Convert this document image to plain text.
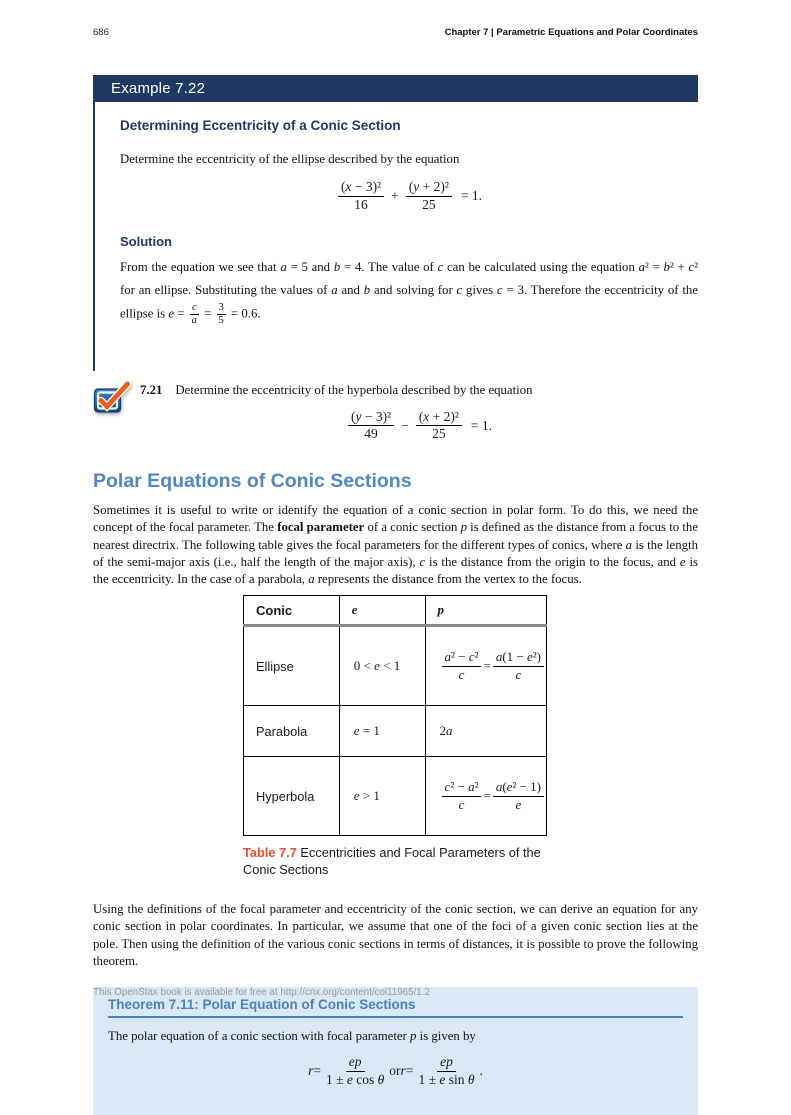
686	Chapter 7 | Parametric Equations and Polar Coordinates
Example 7.22
Determining Eccentricity of a Conic Section

Determine the eccentricity of the ellipse described by the equation

$\frac{\text{(x − 3)²}}{16} + \frac{\text{(y + 2)²}}{25} = 1$.
Solution

From the equation we see that a = 5 and b = 4. The value of c can be calculated using the equation a² = b² + c² for an ellipse. Substituting the values of a and b and solving for c gives c = 3. Therefore the eccentricity of the ellipse is $e = \frac{c}{a} = \frac{3}{5} = 0.6$.

7.21 Determine the eccentricity of the hyperbola described by the equation

$\frac{\text{(y − 3)²}}{49} - \frac{\text{(x + 2)²}}{25} = 1$.
Polar Equations of Conic Sections

Sometimes it is useful to write or identify the equation of a conic section in polar form. To do this, we need the concept of the focal parameter. The focal parameter of a conic section p is defined as the distance from a focus to the nearest directrix. The following table gives the focal parameters for the different types of conics, where a is the length of the semi-major axis (i.e., half the length of the major axis), c is the distance from the origin to the focus, and e is the eccentricity. In the case of a parabola, a represents the distance from the vertex to the focus.

Conic	e	p
Ellipse	0 < e < 1	$\frac{\text{a² − c²}}{c} = \frac{\text{a(1 − e²)}}{c}$

Parabola	e = 1	2a
Hyperbola	e > 1	$\frac{\text{c² − a²}}{c} = \frac{\text{a(e² − 1)}}{e}$

Table 7.7 Eccentricities and Focal Parameters of the Conic Sections

Using the definitions of the focal parameter and eccentricity of the conic section, we can derive an equation for any conic section in polar coordinates. In particular, we assume that one of the foci of a given conic section lies at the pole. Then using the definition of the various conic sections in terms of distances, it is possible to prove the following theorem.

Theorem 7.11: Polar Equation of Conic Sections

The polar equation of a conic section with focal parameter p is given by

$r = \frac{ep}{\text{1 ± e cos θ}}$ or $r = \frac{ep}{\text{1 ± e sin θ}}$ .
This OpenStax book is available for free at http://cnx.org/content/col11965/1.2
